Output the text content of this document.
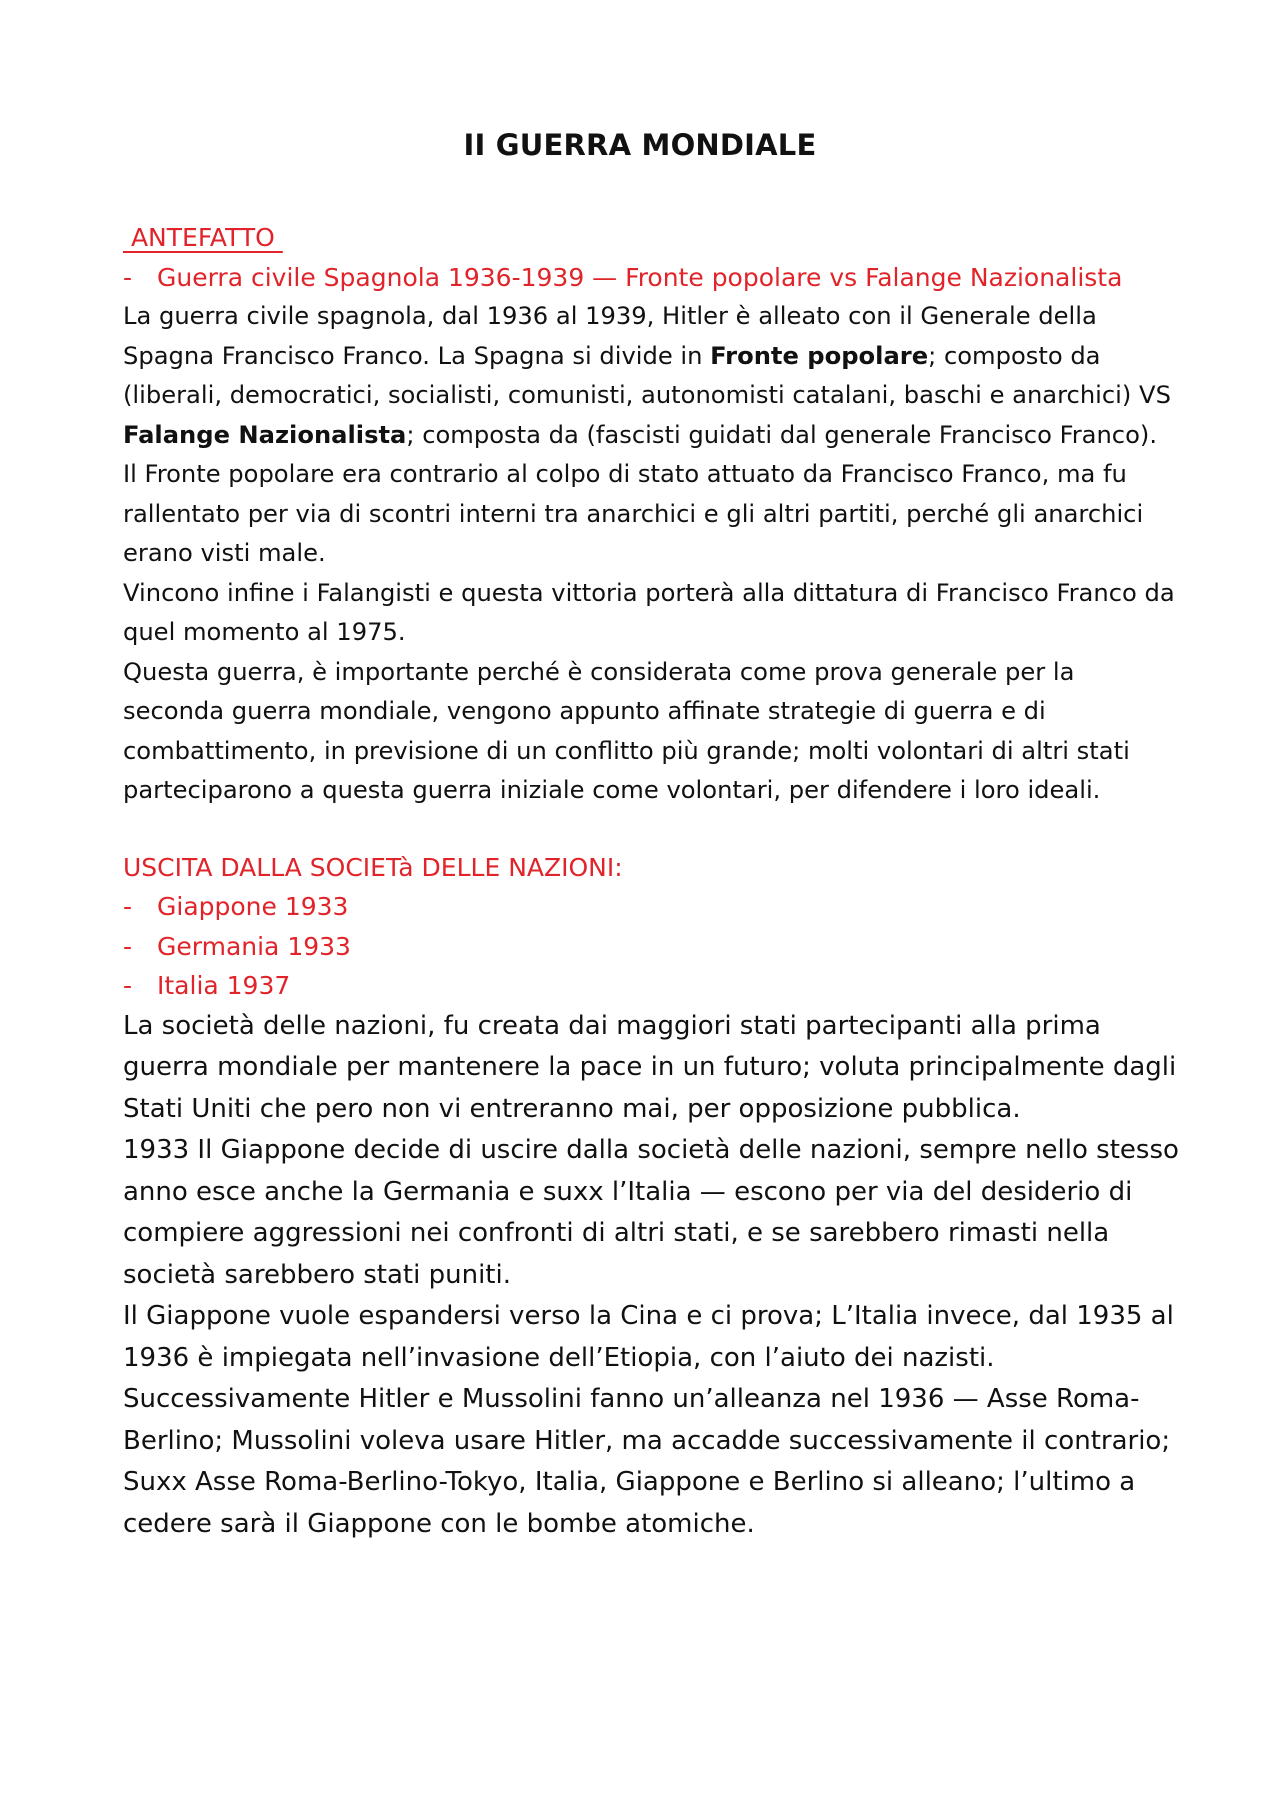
II GUERRA MONDIALE

ANTEFATTO

- Guerra civile Spagnola 1936-1939 — Fronte popolare vs Falange Nazionalista

La guerra civile spagnola, dal 1936 al 1939, Hitler è alleato con il Generale della Spagna Francisco Franco. La Spagna si divide in Fronte popolare; composto da (liberali, democratici, socialisti, comunisti, autonomisti catalani, baschi e anarchici) VS Falange Nazionalista; composta da (fascisti guidati dal generale Francisco Franco).

Il Fronte popolare era contrario al colpo di stato attuato da Francisco Franco, ma fu rallentato per via di scontri interni tra anarchici e gli altri partiti, perché gli anarchici erano visti male.

Vincono infine i Falangisti e questa vittoria porterà alla dittatura di Francisco Franco da quel momento al 1975.

Questa guerra, è importante perché è considerata come prova generale per la seconda guerra mondiale, vengono appunto affinate strategie di guerra e di combattimento, in previsione di un conflitto più grande; molti volontari di altri stati parteciparono a questa guerra iniziale come volontari, per difendere i loro ideali.

USCITA DALLA SOCIETà DELLE NAZIONI:

- Giappone 1933
- Germania 1933
- Italia 1937

La società delle nazioni, fu creata dai maggiori stati partecipanti alla prima guerra mondiale per mantenere la pace in un futuro; voluta principalmente dagli Stati Uniti che pero non vi entreranno mai, per opposizione pubblica.

1933 Il Giappone decide di uscire dalla società delle nazioni, sempre nello stesso anno esce anche la Germania e suxx l’Italia — escono per via del desiderio di compiere aggressioni nei confronti di altri stati, e se sarebbero rimasti nella società sarebbero stati puniti.

Il Giappone vuole espandersi verso la Cina e ci prova; L’Italia invece, dal 1935 al 1936 è impiegata nell’invasione dell’Etiopia, con l’aiuto dei nazisti.

Successivamente Hitler e Mussolini fanno un’alleanza nel 1936 — Asse Roma-Berlino; Mussolini voleva usare Hitler, ma accadde successivamente il contrario; Suxx Asse Roma-Berlino-Tokyo, Italia, Giappone e Berlino si alleano; l’ultimo a cedere sarà il Giappone con le bombe atomiche.
